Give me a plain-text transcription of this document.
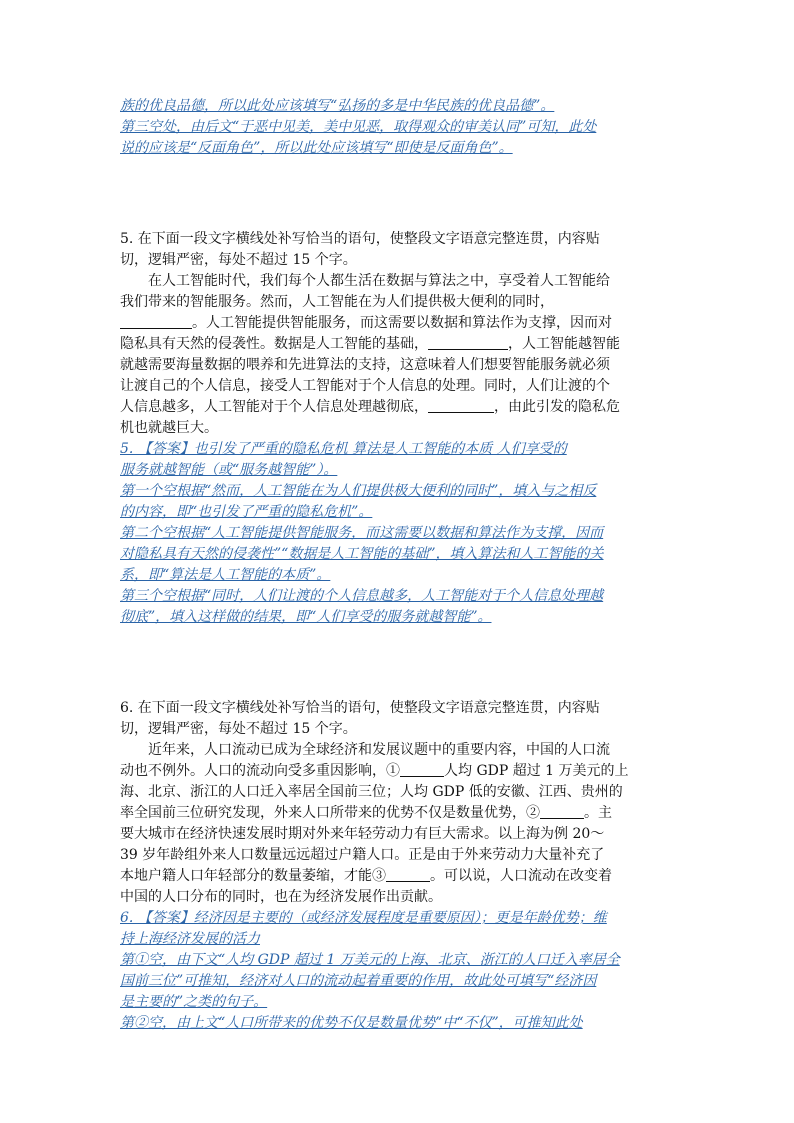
族的优良品德，所以此处应该填写“弘扬的多是中华民族的优良品德”。
第三空处，由后文“于恶中见美，美中见恶，取得观众的审美认同”可知，此处
说的应该是“反面角色”，所以此处应该填写“即使是反面角色”。
5. 在下面一段文字横线处补写恰当的语句，使整段文字语意完整连贯，内容贴
切，逻辑严密，每处不超过 15 个字。
在人工智能时代，我们每个人都生活在数据与算法之中，享受着人工智能给
我们带来的智能服务。然而，人工智能在为人们提供极大便利的同时，
。人工智能提供智能服务，而这需要以数据和算法作为支撑，因而对
隐私具有天然的侵袭性。数据是人工智能的基础，	，人工智能越智能
就越需要海量数据的喂养和先进算法的支持，这意味着人们想要智能服务就必须
让渡自己的个人信息，接受人工智能对于个人信息的处理。同时，人们让渡的个
人信息越多，人工智能对于个人信息处理越彻底，	，由此引发的隐私危
机也就越巨大。
5. 【答案】也引发了严重的隐私危机 算法是人工智能的本质 人们享受的
服务就越智能（或“服务越智能”）。
第一个空根据“然而，人工智能在为人们提供极大便利的同时”，填入与之相反
的内容，即“也引发了严重的隐私危机”。
第二个空根据“人工智能提供智能服务，而这需要以数据和算法作为支撑，因而
对隐私具有天然的侵袭性”“数据是人工智能的基础”，填入算法和人工智能的关
系，即“算法是人工智能的本质”。
第三个空根据“同时，人们让渡的个人信息越多，人工智能对于个人信息处理越
彻底”，填入这样做的结果，即“人们享受的服务就越智能”。
6. 在下面一段文字横线处补写恰当的语句，使整段文字语意完整连贯，内容贴
切，逻辑严密，每处不超过 15 个字。
近年来，人口流动已成为全球经济和发展议题中的重要内容，中国的人口流
动也不例外。人口的流动向受多重因影响，①	人均 GDP 超过 1 万美元的上
海、北京、浙江的人口迁入率居全国前三位；人均 GDP 低的安徽、江西、贵州的
率全国前三位研究发现，外来人口所带来的优势不仅是数量优势，②	。主
要大城市在经济快速发展时期对外来年轻劳动力有巨大需求。以上海为例 20～
39 岁年龄组外来人口数量远远超过户籍人口。正是由于外来劳动力大量补充了
本地户籍人口年轻部分的数量萎缩，才能③	。可以说，人口流动在改变着
中国的人口分布的同时，也在为经济发展作出贡献。
6. 【答案】经济因是主要的（或经济发展程度是重要原因）；更是年龄优势；维
持上海经济发展的活力
第①空，由下文“人均 GDP 超过 1 万美元的上海、北京、浙江的人口迁入率居全
国前三位”可推知，经济对人口的流动起着重要的作用，故此处可填写“经济因
是主要的”之类的句子。
第②空，由上文“人口所带来的优势不仅是数量优势”中“不仅”，可推知此处
